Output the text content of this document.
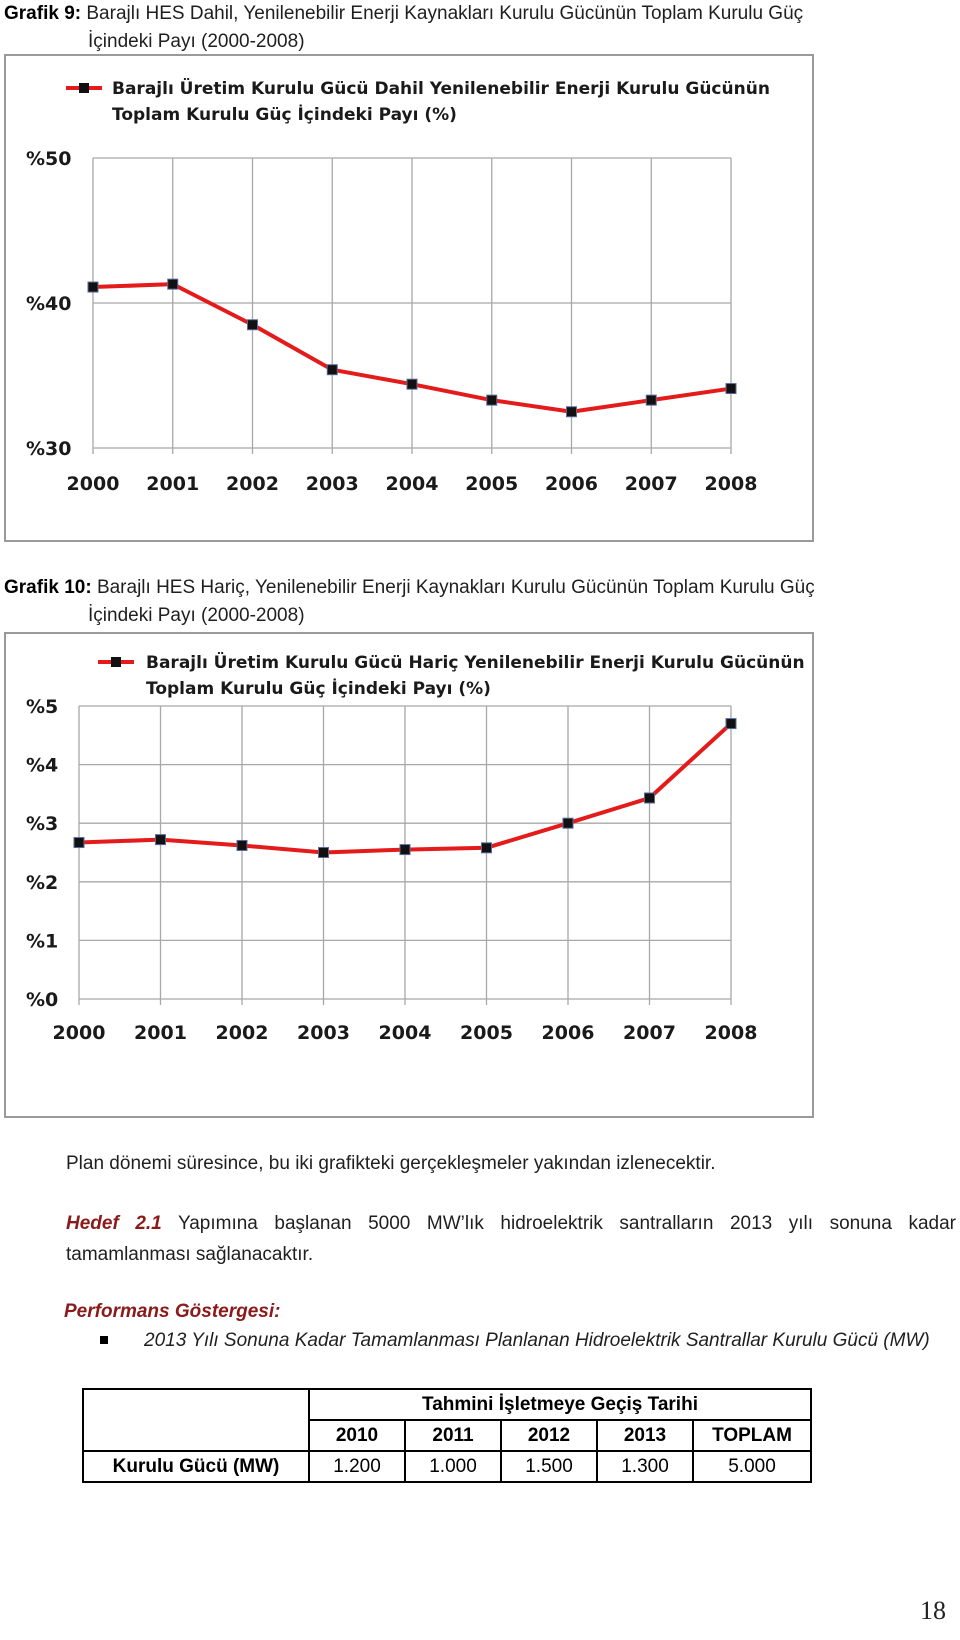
Grafik 9: Barajlı HES Dahil, Yenilenebilir Enerji Kaynakları Kurulu Gücünün Toplam Kurulu Güç
İçindeki Payı (2000-2008)
%30
%40
%50
2000 2001 2002 2003 2004 2005 2006 2007 2008
Barajlı Üretim Kurulu Gücü Dahil Yenilenebilir Enerji Kurulu Gücünün
Toplam Kurulu Güç İçindeki Payı (%)
Grafik 10: Barajlı HES Hariç, Yenilenebilir Enerji Kaynakları Kurulu Gücünün Toplam Kurulu Güç
İçindeki Payı (2000-2008)
%0
%1
%2
%3
%4
%5
2000 2001 2002 2003 2004 2005 2006 2007 2008
Barajlı Üretim Kurulu Gücü Hariç Yenilenebilir Enerji Kurulu Gücünün
Toplam Kurulu Güç İçindeki Payı (%)
Plan dönemi süresince, bu iki grafikteki gerçekleşmeler yakından izlenecektir.
Hedef 2.1 Yapımına başlanan 5000 MW’lık hidroelektrik santralların 2013 yılı sonuna kadar tamamlanması sağlanacaktır.
Performans Göstergesi:
2013 Yılı Sonuna Kadar Tamamlanması Planlanan Hidroelektrik Santrallar Kurulu Gücü (MW)
	Tahmini İşletmeye Geçiş Tarihi				
	2010	2011	2012	2013	TOPLAM
Kurulu Gücü (MW)	1.200	1.000	1.500	1.300	5.000
18
